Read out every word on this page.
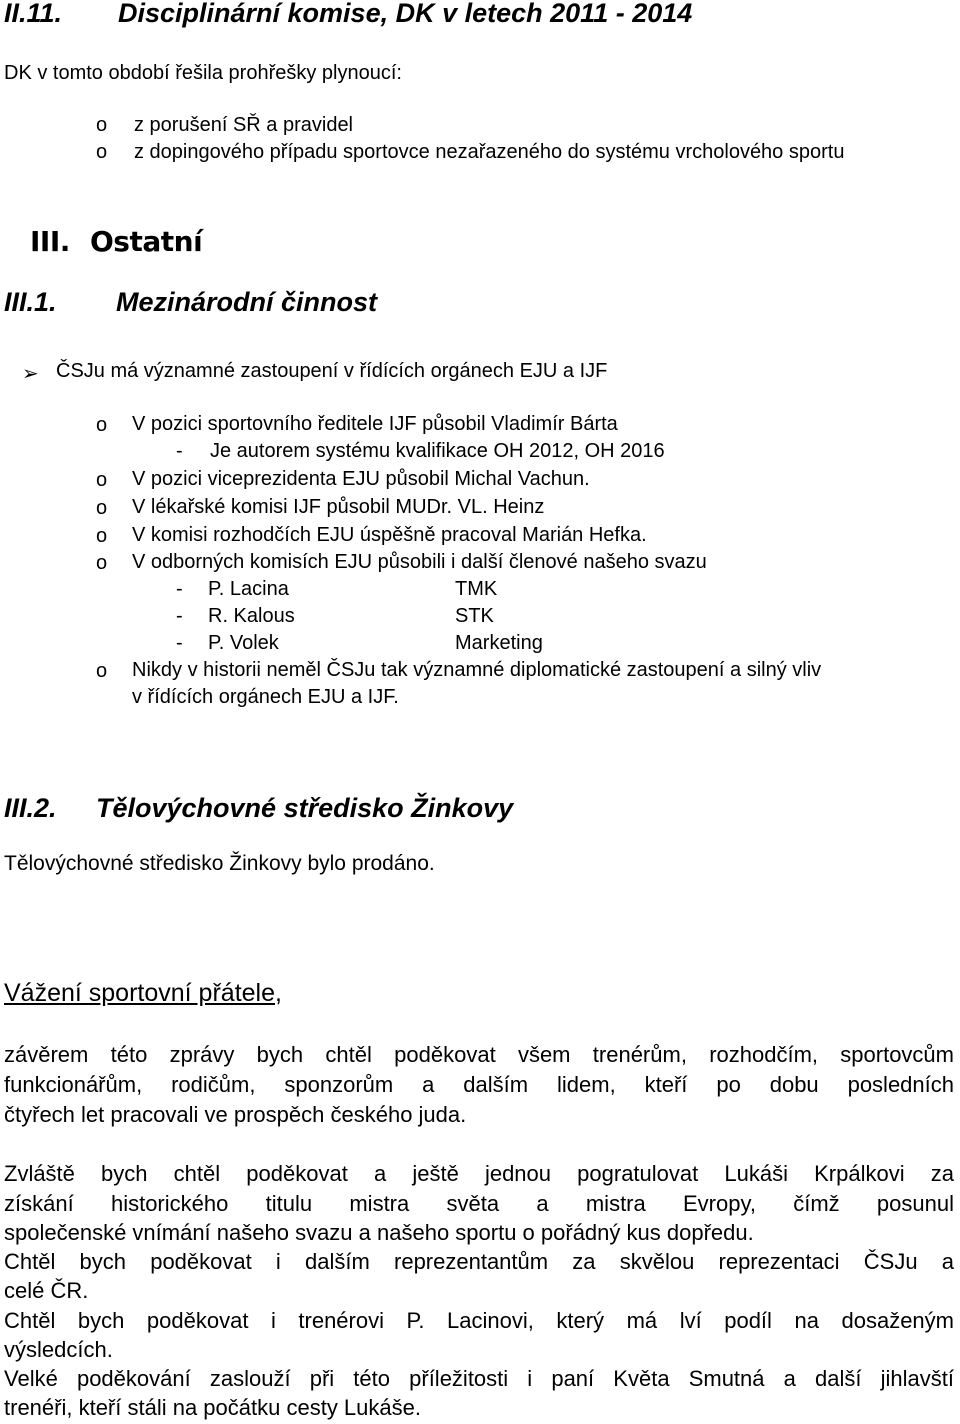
II.11. Disciplinární komise, DK v letech 2011 - 2014
DK v tomto období řešila prohřešky plynoucí:
o z porušení SŘ a pravidel
o z dopingového případu sportovce nezařazeného do systému vrcholového sportu
III. Ostatní
III.1. Mezinárodní činnost
➢ ČSJu má významné zastoupení v řídících orgánech EJU a IJF
o V pozici sportovního ředitele IJF působil Vladimír Bárta
- Je autorem systému kvalifikace OH 2012, OH 2016
o V pozici viceprezidenta EJU působil Michal Vachun.
o V lékařské komisi IJF působil MUDr. VL. Heinz
o V komisi rozhodčích EJU úspěšně pracoval Marián Hefka.
o V odborných komisích EJU působili i další členové našeho svazu
- P. Lacina	TMK
- R. Kalous	STK
- P. Volek	Marketing
o Nikdy v historii neměl ČSJu tak významné diplomatické zastoupení a silný vliv
v řídících orgánech EJU a IJF.
III.2. Tělovýchovné středisko Žinkovy
Tělovýchovné středisko Žinkovy bylo prodáno.
Vážení sportovní přátele,
závěrem této zprávy bych chtěl poděkovat všem trenérům, rozhodčím, sportovcům
funkcionářům, rodičům, sponzorům a dalším lidem, kteří po dobu posledních
čtyřech let pracovali ve prospěch českého juda.
Zvláště bych chtěl poděkovat a ještě jednou pogratulovat Lukáši Krpálkovi za
získání historického titulu mistra světa a mistra Evropy, čímž posunul
společenské vnímání našeho svazu a našeho sportu o pořádný kus dopředu.
Chtěl bych poděkovat i dalším reprezentantům za skvělou reprezentaci ČSJu a
celé ČR.
Chtěl bych poděkovat i trenérovi P. Lacinovi, který má lví podíl na dosaženým
výsledcích.
Velké poděkování zaslouží při této příležitosti i paní Květa Smutná a další jihlavští
trenéři, kteří stáli na počátku cesty Lukáše.
